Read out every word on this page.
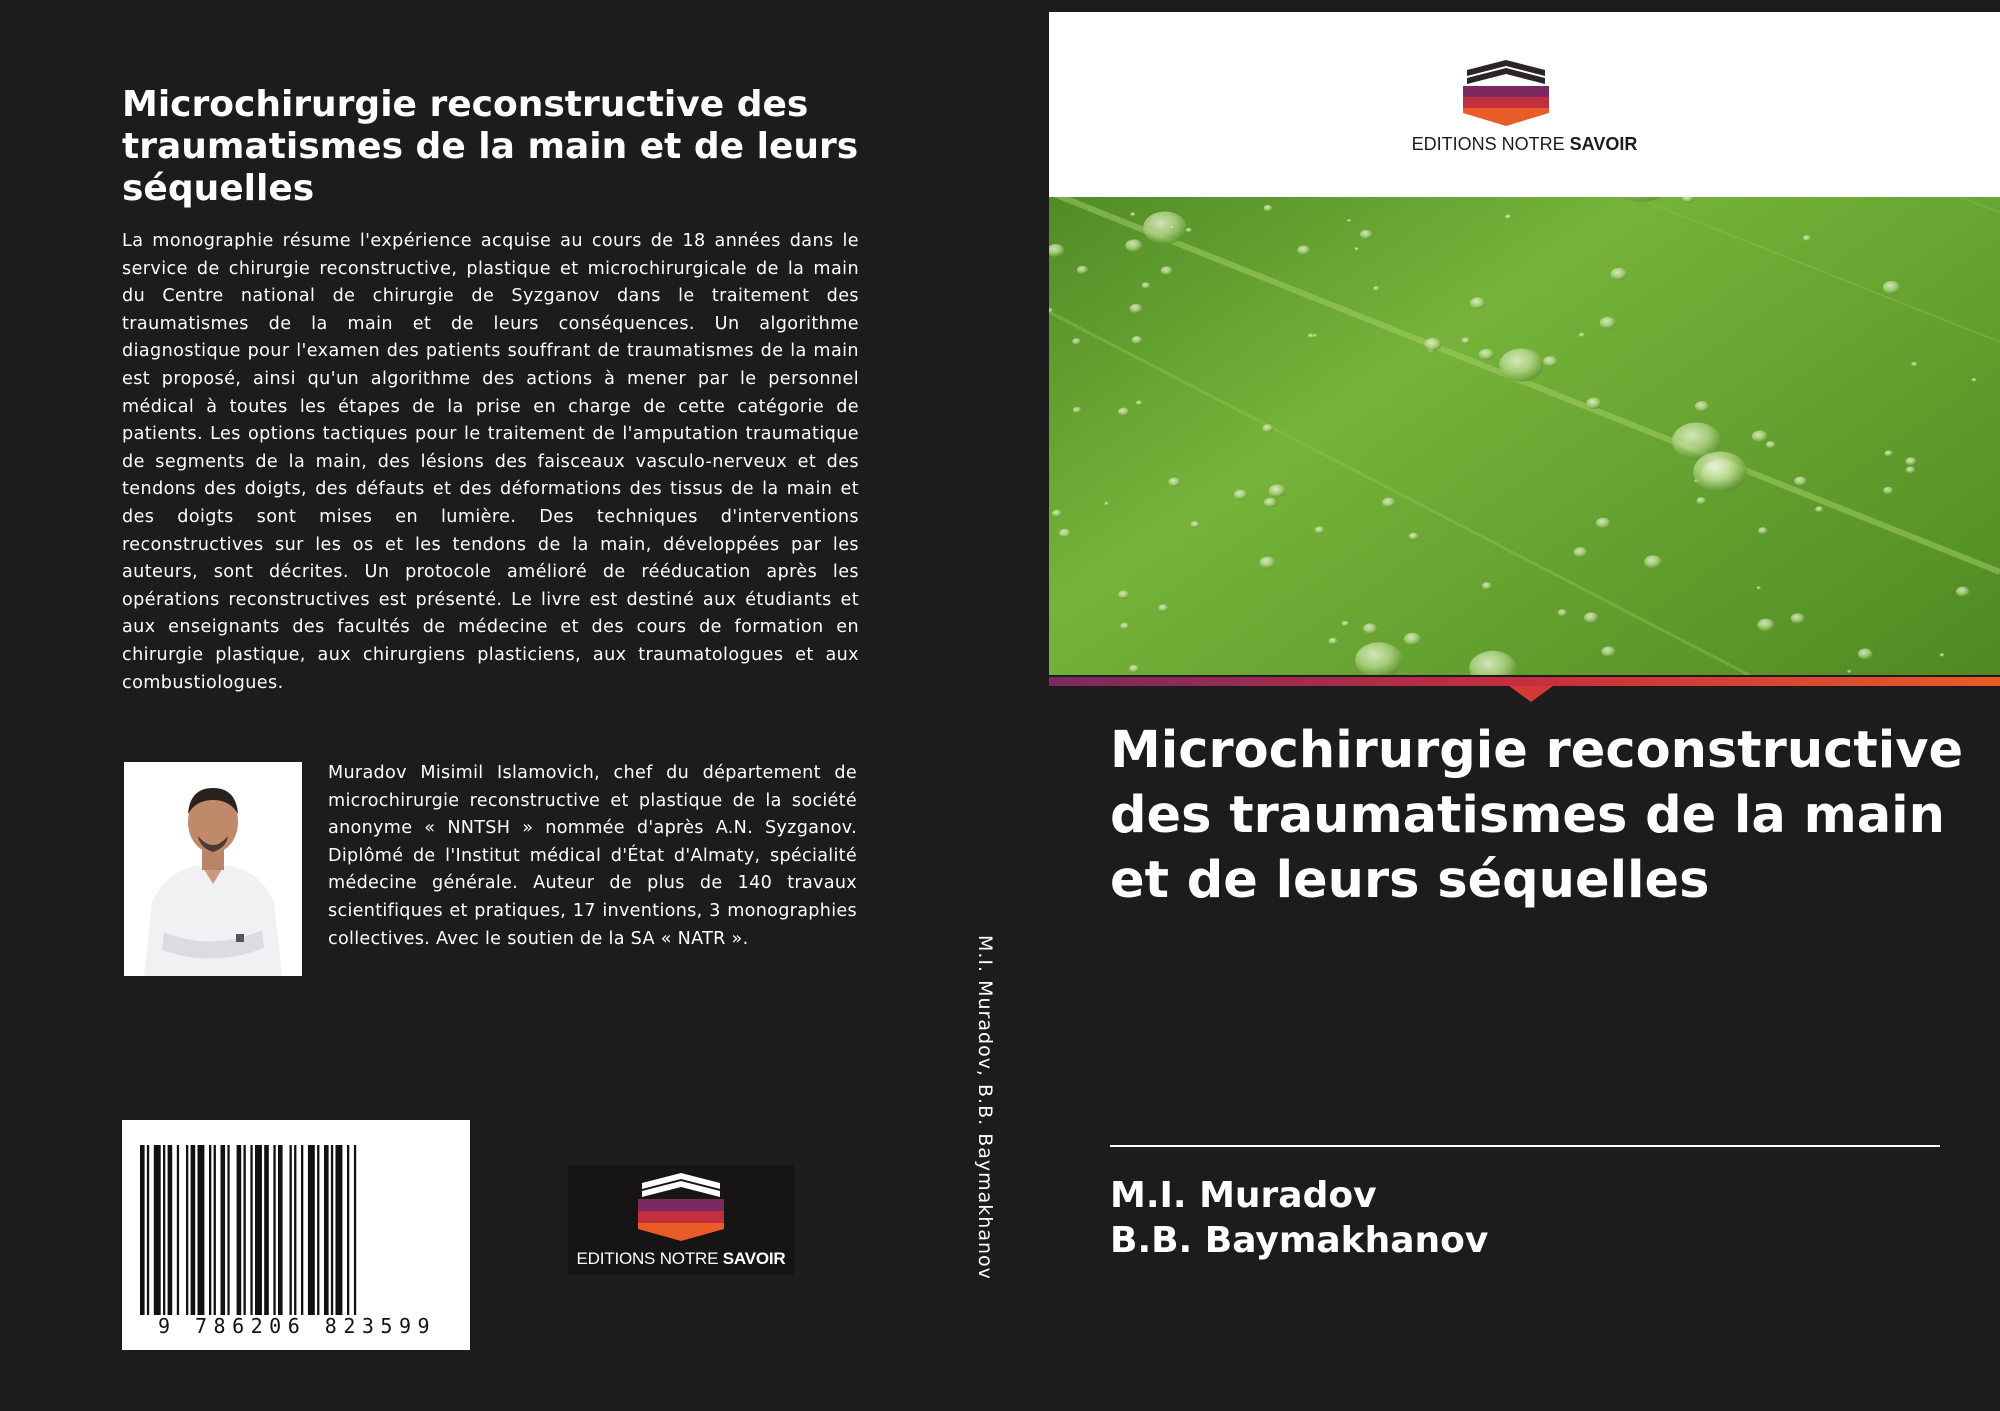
Microchirurgie reconstructive des traumatismes de la main et de leurs séquelles

La monographie résume l'expérience acquise au cours de 18 années dans le service de chirurgie reconstructive, plastique et microchirurgicale de la main du Centre national de chirurgie de Syzganov dans le traitement des traumatismes de la main et de leurs conséquences. Un algorithme diagnostique pour l'examen des patients souffrant de traumatismes de la main est proposé, ainsi qu'un algorithme des actions à mener par le personnel médical à toutes les étapes de la prise en charge de cette catégorie de patients. Les options tactiques pour le traitement de l'amputation traumatique de segments de la main, des lésions des faisceaux vasculo-nerveux et des tendons des doigts, des défauts et des déformations des tissus de la main et des doigts sont mises en lumière. Des techniques d'interventions reconstructives sur les os et les tendons de la main, développées par les auteurs, sont décrites. Un protocole amélioré de rééducation après les opérations reconstructives est présenté. Le livre est destiné aux étudiants et aux enseignants des facultés de médecine et des cours de formation en chirurgie plastique, aux chirurgiens plasticiens, aux traumatologues et aux combustiologues.

Muradov Misimil Islamovich, chef du département de microchirurgie reconstructive et plastique de la société anonyme « NNTSH » nommée d'après A.N. Syzganov. Diplômé de l'Institut médical d'État d'Almaty, spécialité médecine générale. Auteur de plus de 140 travaux scientifiques et pratiques, 17 inventions, 3 monographies collectives. Avec le soutien de la SA « NATR ».

9 786206 823599
EDITIONS NOTRE SAVOIR	M.I. Muradov, B.B. Baymakhanov
EDITIONS NOTRE SAVOIR
Microchirurgie reconstructive des traumatismes de la main et de leurs séquelles
M.I. Muradov
B.B. Baymakhanov
